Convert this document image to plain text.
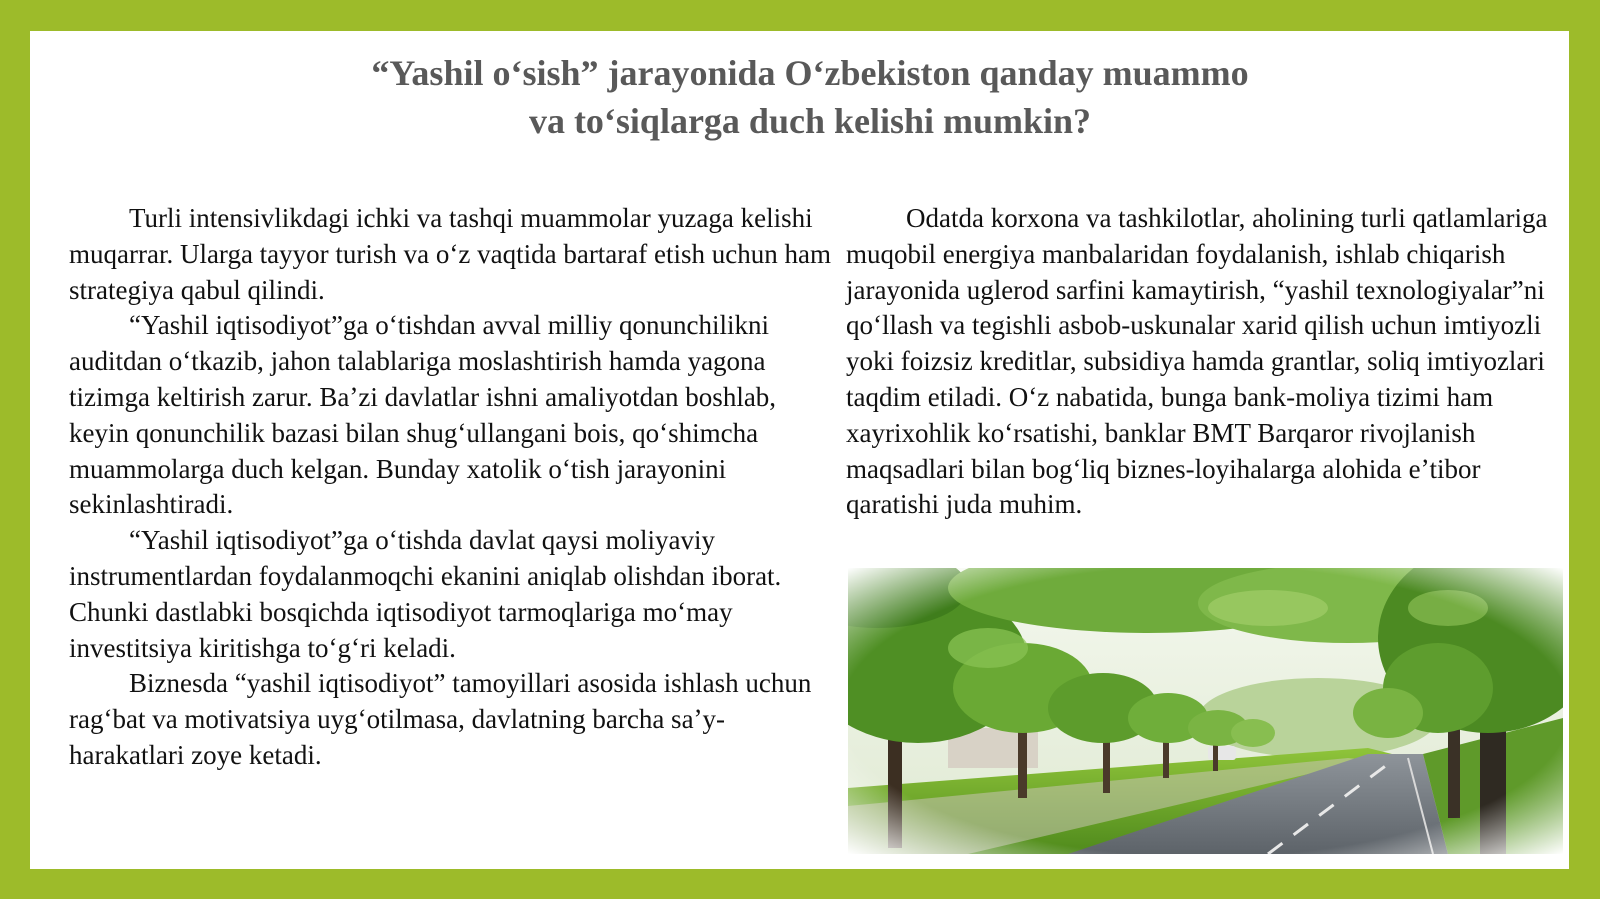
“Yashil oʻsish” jarayonida Oʻzbekiston qanday muammo
va toʻsiqlarga duch kelishi mumkin?

Turli intensivlikdagi ichki va tashqi muammolar yuzaga kelishi muqarrar. Ularga tayyor turish va oʻz vaqtida bartaraf etish uchun ham strategiya qabul qilindi.

“Yashil iqtisodiyot”ga oʻtishdan avval milliy qonunchilikni auditdan oʻtkazib, jahon talablariga moslashtirish hamda yagona tizimga keltirish zarur. Baʼzi davlatlar ishni amaliyotdan boshlab, keyin qonunchilik bazasi bilan shugʻullangani bois, qoʻshimcha muammolarga duch kelgan. Bunday xatolik oʻtish jarayonini sekinlashtiradi.

“Yashil iqtisodiyot”ga oʻtishda davlat qaysi moliyaviy instrumentlardan foydalanmoqchi ekanini aniqlab olishdan iborat. Chunki dastlabki bosqichda iqtisodiyot tarmoqlariga moʻmay investitsiya kiritishga toʻgʻri keladi.

Biznesda “yashil iqtisodiyot” tamoyillari asosida ishlash uchun ragʻbat va motivatsiya uygʻotilmasa, davlatning barcha saʼy-harakatlari zoye ketadi.

Odatda korxona va tashkilotlar, aholining turli qatlamlariga muqobil energiya manbalaridan foydalanish, ishlab chiqarish jarayonida uglerod sarfini kamaytirish, “yashil texnologiyalar”ni qoʻllash va tegishli asbob-uskunalar xarid qilish uchun imtiyozli yoki foizsiz kreditlar, subsidiya hamda grantlar, soliq imtiyozlari taqdim etiladi. Oʻz nabatida, bunga bank-moliya tizimi ham xayrixohlik koʻrsatishi, banklar BMT Barqaror rivojlanish maqsadlari bilan bogʻliq biznes-loyihalarga alohida eʼtibor qaratishi juda muhim.
